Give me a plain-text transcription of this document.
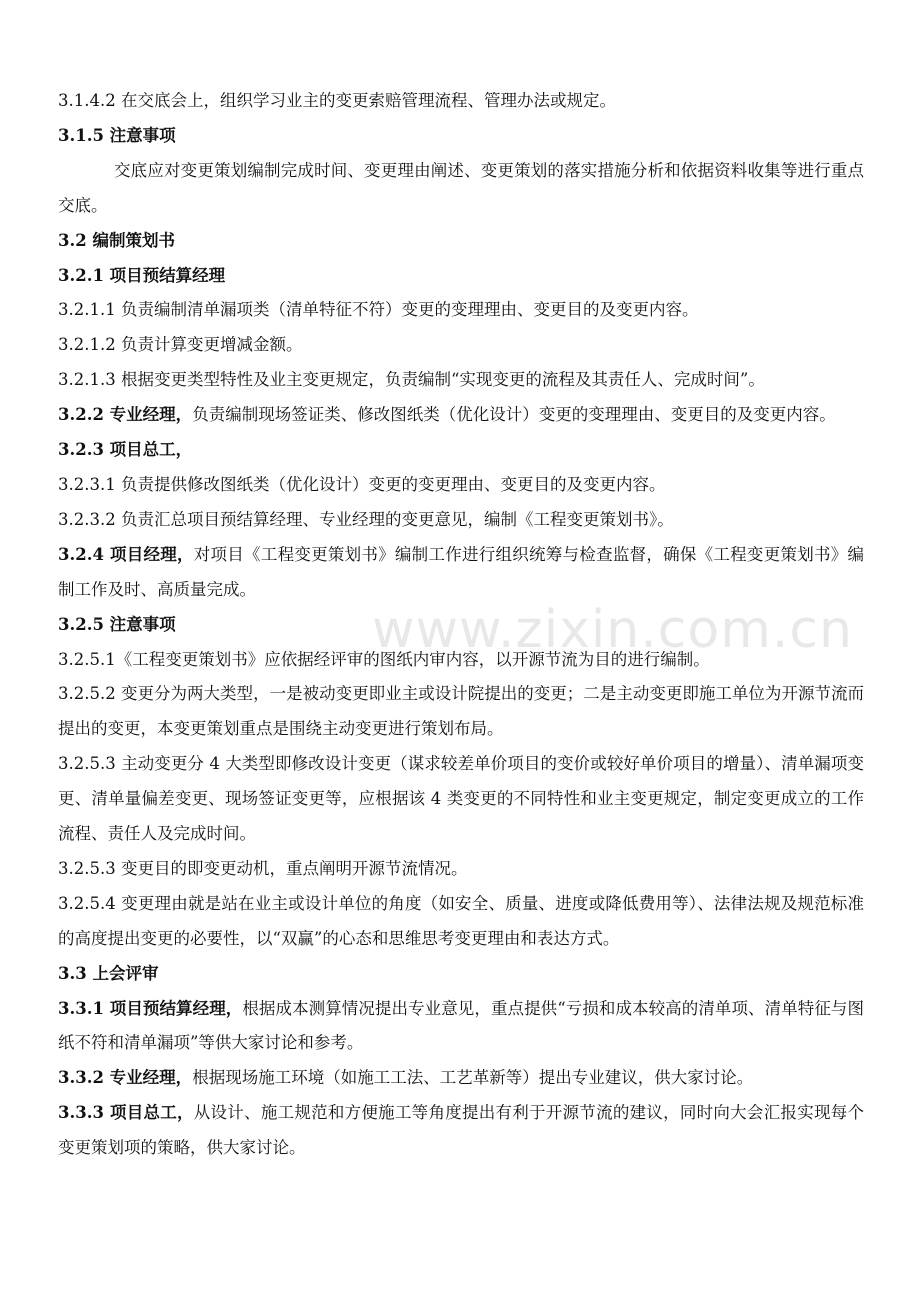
3.1.4.2 在交底会上，组织学习业主的变更索赔管理流程、管理办法或规定。

3.1.5 注意事项

交底应对变更策划编制完成时间、变更理由阐述、变更策划的落实措施分析和依据资料收集等进行重点交底。

3.2 编制策划书

3.2.1 项目预结算经理

3.2.1.1 负责编制清单漏项类（清单特征不符）变更的变理理由、变更目的及变更内容。

3.2.1.2 负责计算变更增减金额。

3.2.1.3 根据变更类型特性及业主变更规定，负责编制“实现变更的流程及其责任人、完成时间”。

3.2.2 专业经理，负责编制现场签证类、修改图纸类（优化设计）变更的变理理由、变更目的及变更内容。

3.2.3 项目总工，

3.2.3.1 负责提供修改图纸类（优化设计）变更的变更理由、变更目的及变更内容。

3.2.3.2 负责汇总项目预结算经理、专业经理的变更意见，编制《工程变更策划书》。

3.2.4 项目经理，对项目《工程变更策划书》编制工作进行组织统筹与检查监督，确保《工程变更策划书》编制工作及时、高质量完成。

3.2.5 注意事项

3.2.5.1《工程变更策划书》应依据经评审的图纸内审内容，以开源节流为目的进行编制。

3.2.5.2 变更分为两大类型，一是被动变更即业主或设计院提出的变更；二是主动变更即施工单位为开源节流而提出的变更，本变更策划重点是围绕主动变更进行策划布局。

3.2.5.3 主动变更分 4 大类型即修改设计变更（谋求较差单价项目的变价或较好单价项目的增量）、清单漏项变更、清单量偏差变更、现场签证变更等，应根据该 4 类变更的不同特性和业主变更规定，制定变更成立的工作流程、责任人及完成时间。

3.2.5.3 变更目的即变更动机，重点阐明开源节流情况。

3.2.5.4 变更理由就是站在业主或设计单位的角度（如安全、质量、进度或降低费用等）、法律法规及规范标准的高度提出变更的必要性，以“双赢”的心态和思维思考变更理由和表达方式。

3.3 上会评审

3.3.1 项目预结算经理，根据成本测算情况提出专业意见，重点提供“亏损和成本较高的清单项、清单特征与图纸不符和清单漏项”等供大家讨论和参考。

3.3.2 专业经理，根据现场施工环境（如施工工法、工艺革新等）提出专业建议，供大家讨论。

3.3.3 项目总工，从设计、施工规范和方便施工等角度提出有利于开源节流的建议，同时向大会汇报实现每个变更策划项的策略，供大家讨论。

www.zixin.com.cn
